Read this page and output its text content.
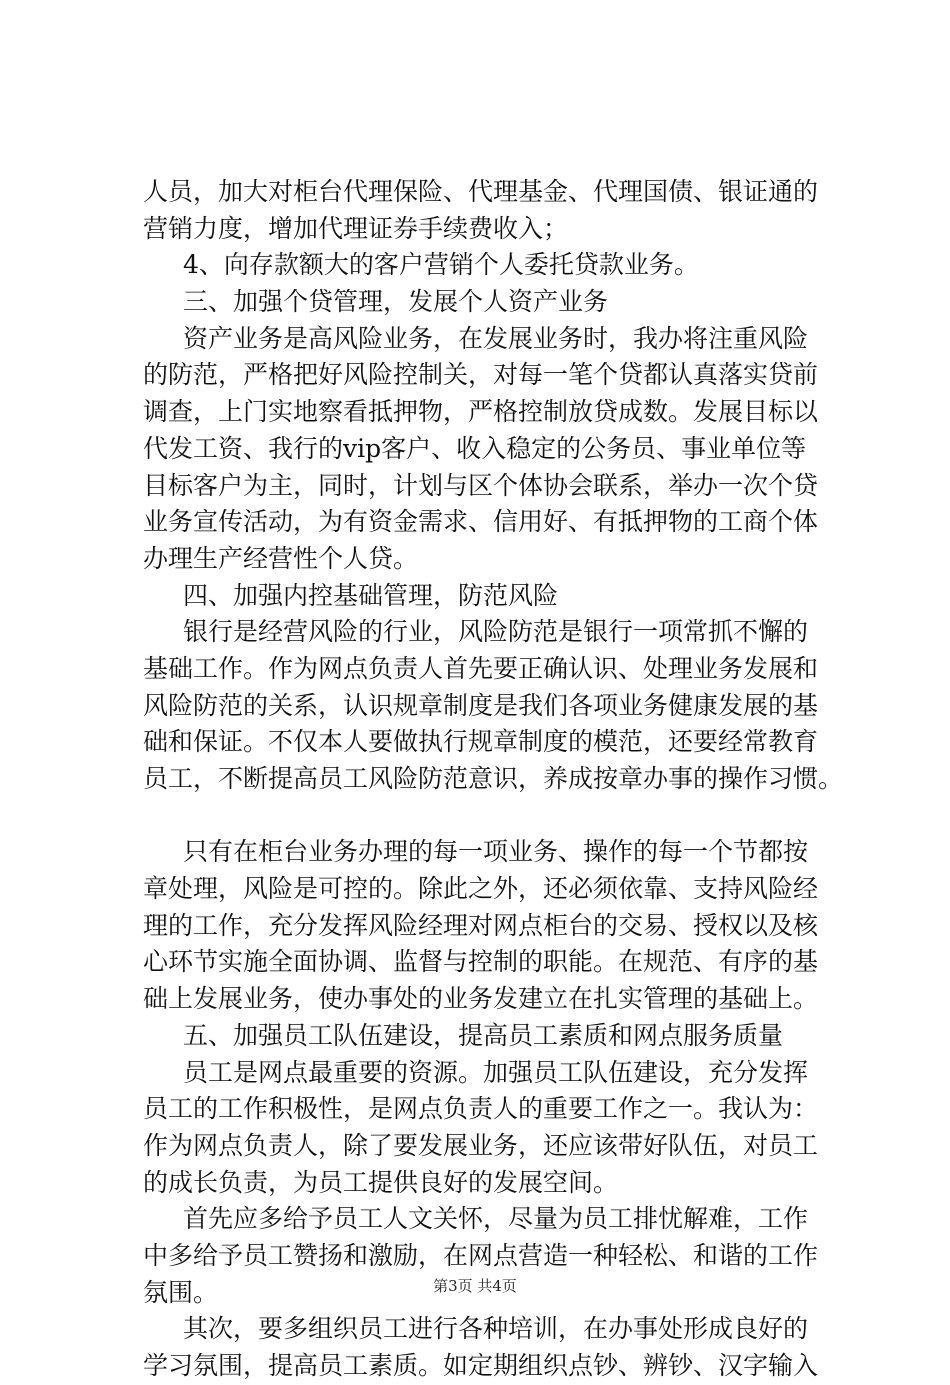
人员，加大对柜台代理保险、代理基金、代理国债、银证通的
营销力度，增加代理证券手续费收入；
4、向存款额大的客户营销个人委托贷款业务。
三、加强个贷管理，发展个人资产业务
资产业务是高风险业务，在发展业务时，我办将注重风险
的防范，严格把好风险控制关，对每一笔个贷都认真落实贷前
调查，上门实地察看抵押物，严格控制放贷成数。发展目标以
代发工资、我行的vip客户、收入稳定的公务员、事业单位等
目标客户为主，同时，计划与区个体协会联系，举办一次个贷
业务宣传活动，为有资金需求、信用好、有抵押物的工商个体
办理生产经营性个人贷。
四、加强内控基础管理，防范风险
银行是经营风险的行业，风险防范是银行一项常抓不懈的
基础工作。作为网点负责人首先要正确认识、处理业务发展和
风险防范的关系，认识规章制度是我们各项业务健康发展的基
础和保证。不仅本人要做执行规章制度的模范，还要经常教育
员工，不断提高员工风险防范意识，养成按章办事的操作习惯。
只有在柜台业务办理的每一项业务、操作的每一个节都按
章处理，风险是可控的。除此之外，还必须依靠、支持风险经
理的工作，充分发挥风险经理对网点柜台的交易、授权以及核
心环节实施全面协调、监督与控制的职能。在规范、有序的基
础上发展业务，使办事处的业务发建立在扎实管理的基础上。
五、加强员工队伍建设，提高员工素质和网点服务质量
员工是网点最重要的资源。加强员工队伍建设，充分发挥
员工的工作积极性，是网点负责人的重要工作之一。我认为：
作为网点负责人，除了要发展业务，还应该带好队伍，对员工
的成长负责，为员工提供良好的发展空间。
首先应多给予员工人文关怀，尽量为员工排忧解难，工作
中多给予员工赞扬和激励，在网点营造一种轻松、和谐的工作
氛围。
其次，要多组织员工进行各种培训，在办事处形成良好的
学习氛围，提高员工素质。如定期组织点钞、辨钞、汉字输入
第3页 共4页
